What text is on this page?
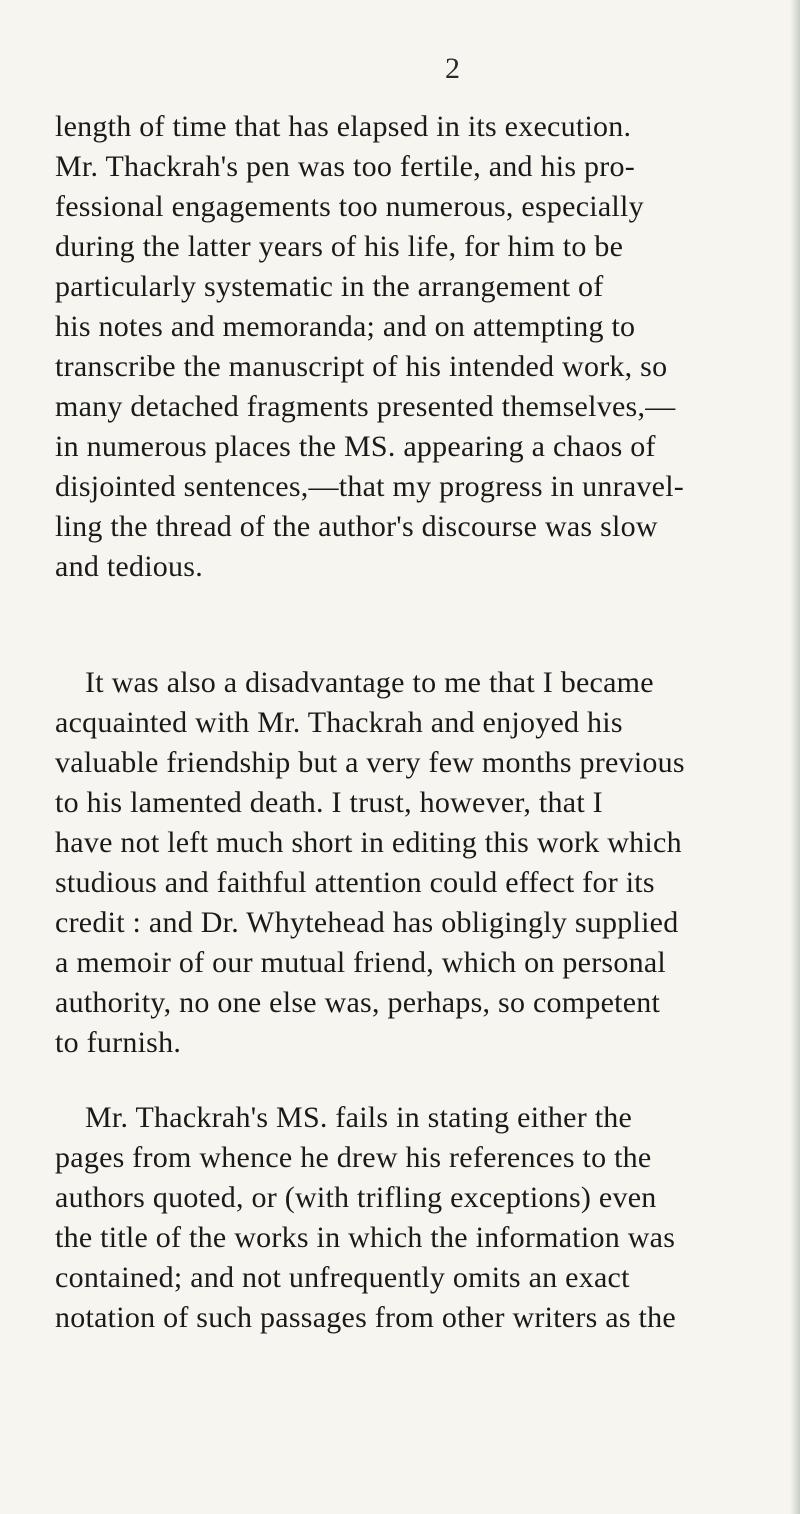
2
length of time that has elapsed in its execution.
Mr. Thackrah's pen was too fertile, and his pro-
fessional engagements too numerous, especially
during the latter years of his life, for him to be
particularly systematic in the arrangement of
his notes and memoranda; and on attempting to
transcribe the manuscript of his intended work, so
many detached fragments presented themselves,—
in numerous places the MS. appearing a chaos of
disjointed sentences,—that my progress in unravel-
ling the thread of the author's discourse was slow
and tedious.
It was also a disadvantage to me that I became
acquainted with Mr. Thackrah and enjoyed his
valuable friendship but a very few months previous
to his lamented death. I trust, however, that I
have not left much short in editing this work which
studious and faithful attention could effect for its
credit : and Dr. Whytehead has obligingly supplied
a memoir of our mutual friend, which on personal
authority, no one else was, perhaps, so competent
to furnish.
Mr. Thackrah's MS. fails in stating either the
pages from whence he drew his references to the
authors quoted, or (with trifling exceptions) even
the title of the works in which the information was
contained; and not unfrequently omits an exact
notation of such passages from other writers as the
